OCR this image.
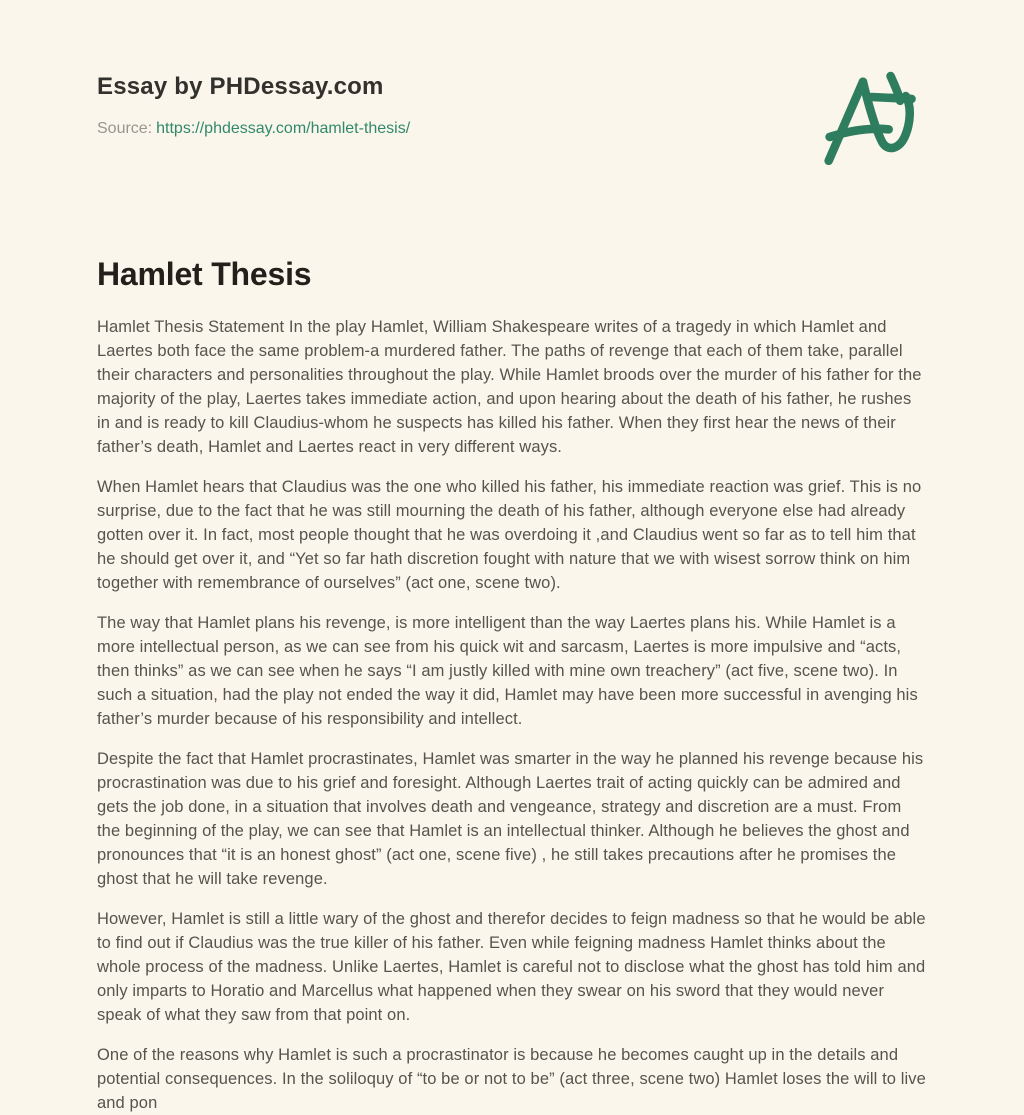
Essay by PHDessay.com
Source: https://phdessay.com/hamlet-thesis/
Hamlet Thesis

Hamlet Thesis Statement In the play Hamlet, William Shakespeare writes of a tragedy in which Hamlet and Laertes both face the same problem-a murdered father. The paths of revenge that each of them take, parallel their characters and personalities throughout the play. While Hamlet broods over the murder of his father for the majority of the play, Laertes takes immediate action, and upon hearing about the death of his father, he rushes in and is ready to kill Claudius-whom he suspects has killed his father. When they first hear the news of their father’s death, Hamlet and Laertes react in very different ways.

When Hamlet hears that Claudius was the one who killed his father, his immediate reaction was grief. This is no surprise, due to the fact that he was still mourning the death of his father, although everyone else had already gotten over it. In fact, most people thought that he was overdoing it ,and Claudius went so far as to tell him that he should get over it, and “Yet so far hath discretion fought with nature that we with wisest sorrow think on him together with remembrance of ourselves” (act one, scene two).

The way that Hamlet plans his revenge, is more intelligent than the way Laertes plans his. While Hamlet is a more intellectual person, as we can see from his quick wit and sarcasm, Laertes is more impulsive and “acts, then thinks” as we can see when he says “I am justly killed with mine own treachery” (act five, scene two). In such a situation, had the play not ended the way it did, Hamlet may have been more successful in avenging his father’s murder because of his responsibility and intellect.

Despite the fact that Hamlet procrastinates, Hamlet was smarter in the way he planned his revenge because his procrastination was due to his grief and foresight. Although Laertes trait of acting quickly can be admired and gets the job done, in a situation that involves death and vengeance, strategy and discretion are a must. From the beginning of the play, we can see that Hamlet is an intellectual thinker. Although he believes the ghost and pronounces that “it is an honest ghost” (act one, scene five) , he still takes precautions after he promises the ghost that he will take revenge.

However, Hamlet is still a little wary of the ghost and therefor decides to feign madness so that he would be able to find out if Claudius was the true killer of his father. Even while feigning madness Hamlet thinks about the whole process of the madness. Unlike Laertes, Hamlet is careful not to disclose what the ghost has told him and only imparts to Horatio and Marcellus what happened when they swear on his sword that they would never speak of what they saw from that point on.

One of the reasons why Hamlet is such a procrastinator is because he becomes caught up in the details and potential consequences. In the soliloquy of “to be or not to be” (act three, scene two) Hamlet loses the will to live and pon
